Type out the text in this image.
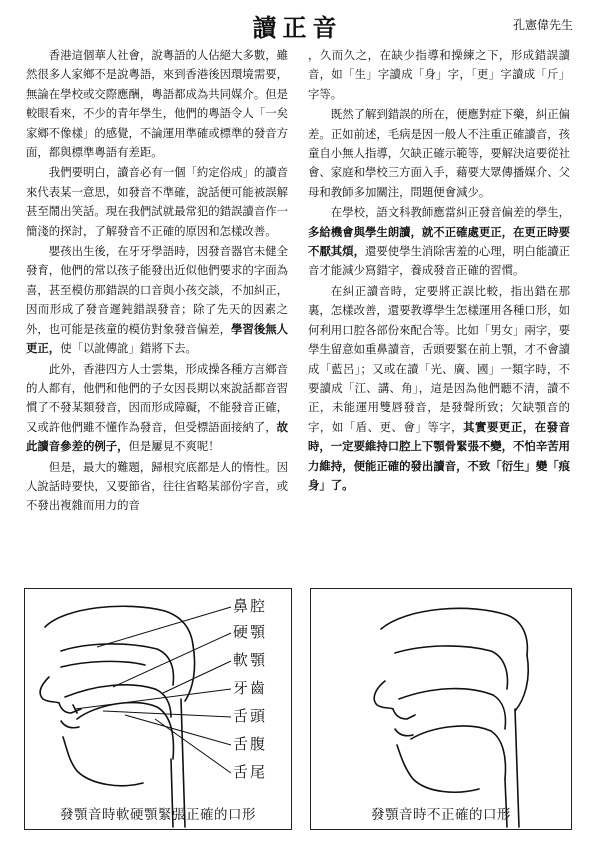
讀正音	孔憲偉先生

香港這個華人社會，說粵語的人佔絕大多數，雖然很多人家鄉不是說粵語，來到香港後因環境需要，無論在學校或交際應酬，粵語都成為共同媒介。但是較眼看來，不少的青年學生，他們的粵語令人「一矣家鄉不像樣」的感覺，不論運用準確或標準的發音方面，都與標準粵語有差距。

我們要明白，讀音必有一個「約定俗成」的讀音來代表某一意思，如發音不準確，說話便可能被誤解甚至鬧出笑話。現在我們試就最常犯的錯誤讀音作一簡淺的探討，了解發音不正確的原因和怎樣改善。

嬰孩出生後，在牙牙學語時，因發音器官未健全發育，他們的常以孩子能發出近似他們要求的字面為喜，甚至模仿那錯誤的口音與小孩交談，不加糾正，因而形成了發音遲鈍錯誤發音；除了先天的因素之外，也可能是孩童的模仿對象發音偏差，學習後無人更正，使「以訛傳訛」錯將下去。

此外，香港四方人士雲集，形成操各種方言鄉音的人都有，他們和他們的子女因長期以來說話都音習慣了不發某類發音，因而形成障礙，不能發音正確，又或許他們雖不懂作為發音，但受標語面接納了，故此讀音參差的例子，但是屢見不爽呢！

但是，最大的難題，歸根究底都是人的惰性。因人說話時要快，又要節省，往往省略某部份字音，或不發出複雜而用力的音

，久而久之，在缺少指導和操練之下，形成錯誤讀音，如「生」字讀成「身」字，「更」字讀成「斤」字等。

既然了解到錯誤的所在，便應對症下藥，糾正偏差。正如前述，毛病是因一般人不注重正確讀音，孩童自小無人指導，欠缺正確示範等，要解決這要從社會、家庭和學校三方面入手，藉要大眾傳播媒介、父母和教師多加關注，問題便會減少。

在學校，語文科教師應當糾正發音偏差的學生，多給機會與學生朗讀，就不正確處更正，在更正時要不厭其煩，還要使學生消除害羞的心理，明白能讀正音才能減少寫錯字，養成發音正確的習慣。

在糾正讀音時，定要將正誤比較，指出錯在那裏，怎樣改善，還要教導學生怎樣運用各種口形，如何利用口腔各部份來配合等。比如「男女」兩字，要學生留意如重鼻讀音，舌頭要緊在前上顎，才不會讀成「藍呂」；又或在讀「光、廣、國」一類字時，不要讀成「江、講、角」，這是因為他們聽不清，讀不正，未能運用雙唇發音，是發聲所致；欠缺顎音的字，如「盾、更、會」等字，其實要更正，在發音時，一定要維持口腔上下顎骨緊張不變，不怕辛苦用力維持，便能正確的發出讀音，不致「衍生」變「痕身」了。

鼻腔
硬顎
軟顎
牙齒
舌頭
舌腹
舌尾
發顎音時軟硬顎緊張正確的口形	發顎音時不正確的口形
